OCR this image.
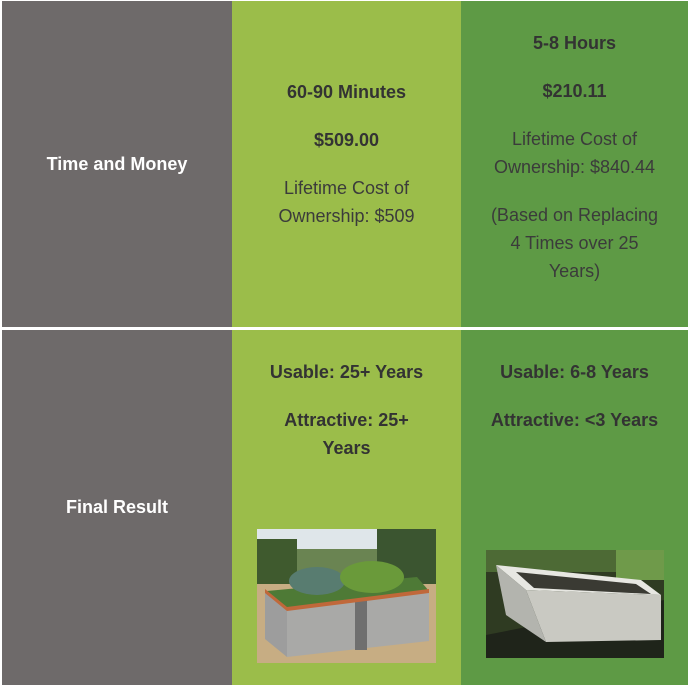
Time and Money
60-90 Minutes
$509.00
Lifetime Cost of Ownership: $509
5-8 Hours
$210.11
Lifetime Cost of Ownership: $840.44
(Based on Replacing 4 Times over 25 Years)
Final Result
Usable: 25+ Years
Attractive: 25+ Years
Usable: 6-8 Years
Attractive: <3 Years
